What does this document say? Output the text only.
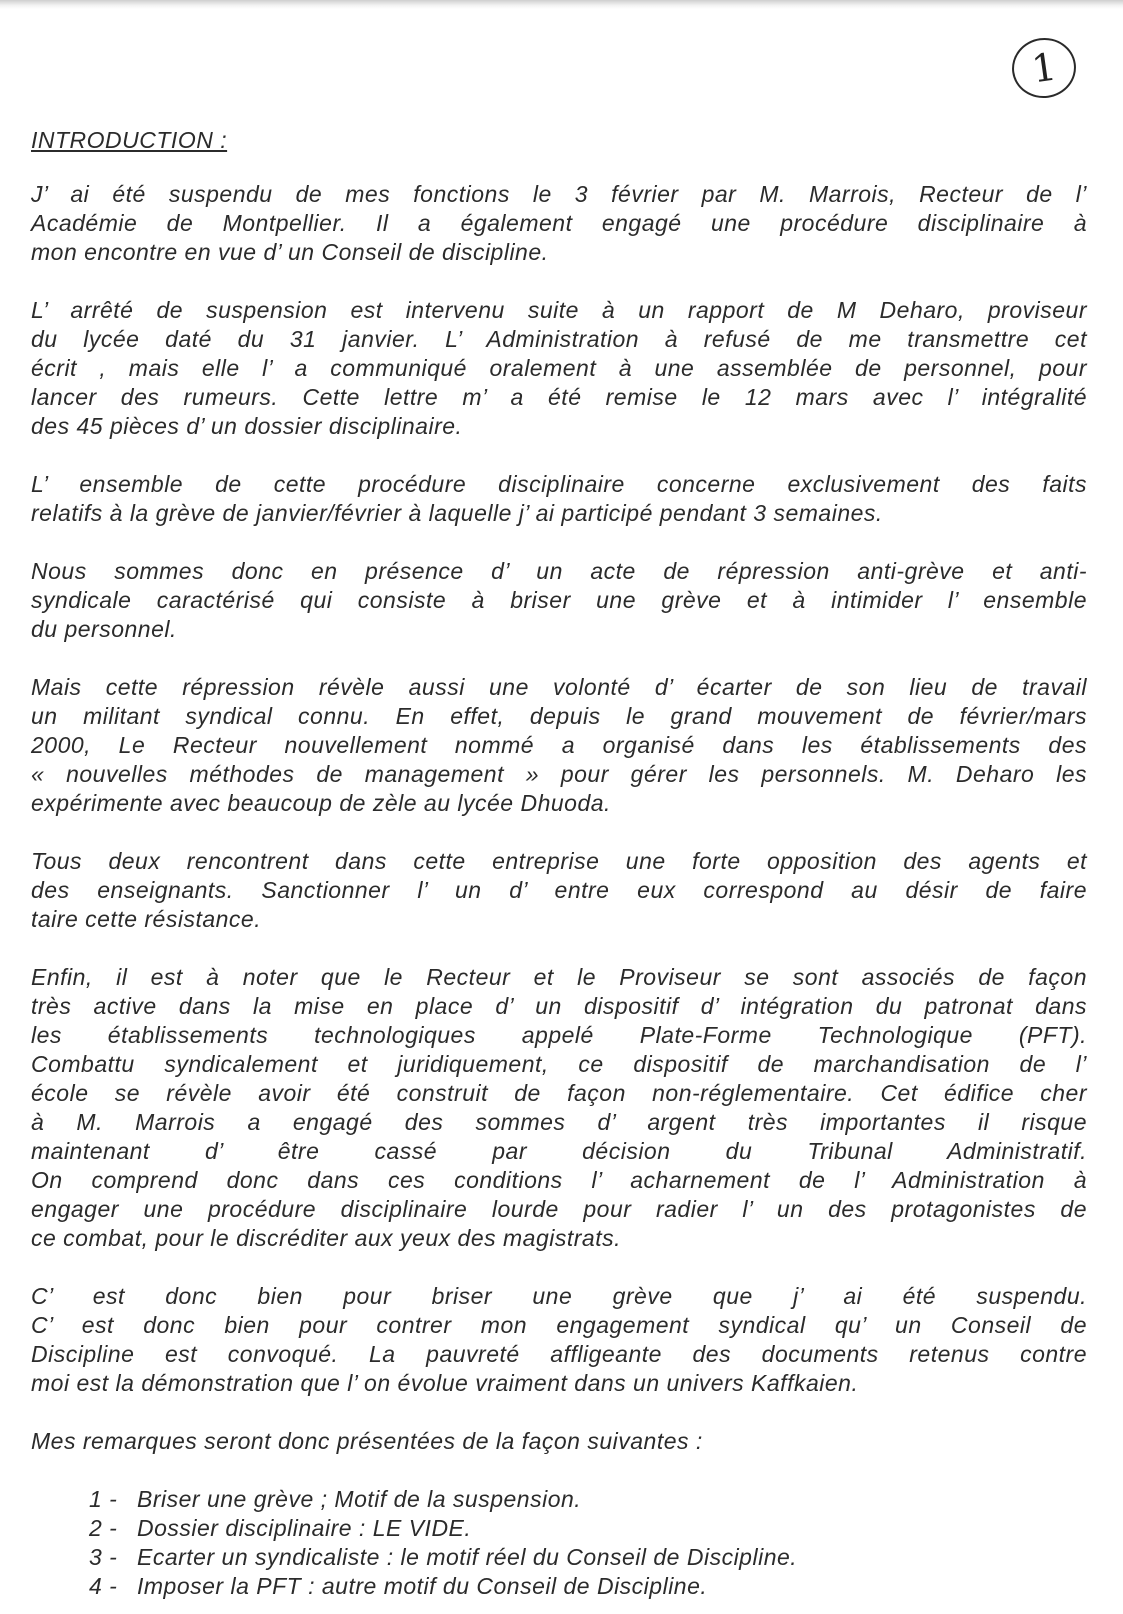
1
INTRODUCTION :
J’ ai été suspendu de mes fonctions le 3 février par M. Marrois, Recteur de l’
Académie de Montpellier. Il a également engagé une procédure disciplinaire à
mon encontre en vue d’ un Conseil de discipline.
L’ arrêté de suspension est intervenu suite à un rapport de M Deharo, proviseur
du lycée daté du 31 janvier. L’ Administration à refusé de me transmettre cet
écrit , mais elle l’ a communiqué oralement à une assemblée de personnel, pour
lancer des rumeurs. Cette lettre m’ a été remise le 12 mars avec l’ intégralité
des 45 pièces d’ un dossier disciplinaire.
L’ ensemble de cette procédure disciplinaire concerne exclusivement des faits
relatifs à la grève de janvier/février à laquelle j’ ai participé pendant 3 semaines.
Nous sommes donc en présence d’ un acte de répression anti-grève et anti-
syndicale caractérisé qui consiste à briser une grève et à intimider l’ ensemble
du personnel.
Mais cette répression révèle aussi une volonté d’ écarter de son lieu de travail
un militant syndical connu. En effet, depuis le grand mouvement de février/mars
2000, Le Recteur nouvellement nommé a organisé dans les établissements des
« nouvelles méthodes de management » pour gérer les personnels. M. Deharo les
expérimente avec beaucoup de zèle au lycée Dhuoda.
Tous deux rencontrent dans cette entreprise une forte opposition des agents et
des enseignants. Sanctionner l’ un d’ entre eux correspond au désir de faire
taire cette résistance.
Enfin, il est à noter que le Recteur et le Proviseur se sont associés de façon
très active dans la mise en place d’ un dispositif d’ intégration du patronat dans
les établissements technologiques appelé Plate-Forme Technologique (PFT).
Combattu syndicalement et juridiquement, ce dispositif de marchandisation de l’
école se révèle avoir été construit de façon non-réglementaire. Cet édifice cher
à M. Marrois a engagé des sommes d’ argent très importantes il risque
maintenant d’ être cassé par décision du Tribunal Administratif.
On comprend donc dans ces conditions l’ acharnement de l’ Administration à
engager une procédure disciplinaire lourde pour radier l’ un des protagonistes de
ce combat, pour le discréditer aux yeux des magistrats.
C’ est donc bien pour briser une grève que j’ ai été suspendu.
C’ est donc bien pour contrer mon engagement syndical qu’ un Conseil de
Discipline est convoqué. La pauvreté affligeante des documents retenus contre
moi est la démonstration que l’ on évolue vraiment dans un univers Kaffkaien.
Mes remarques seront donc présentées de la façon suivantes :
1 - Briser une grève ; Motif de la suspension.
2 - Dossier disciplinaire : LE VIDE.
3 - Ecarter un syndicaliste : le motif réel du Conseil de Discipline.
4 - Imposer la PFT : autre motif du Conseil de Discipline.
